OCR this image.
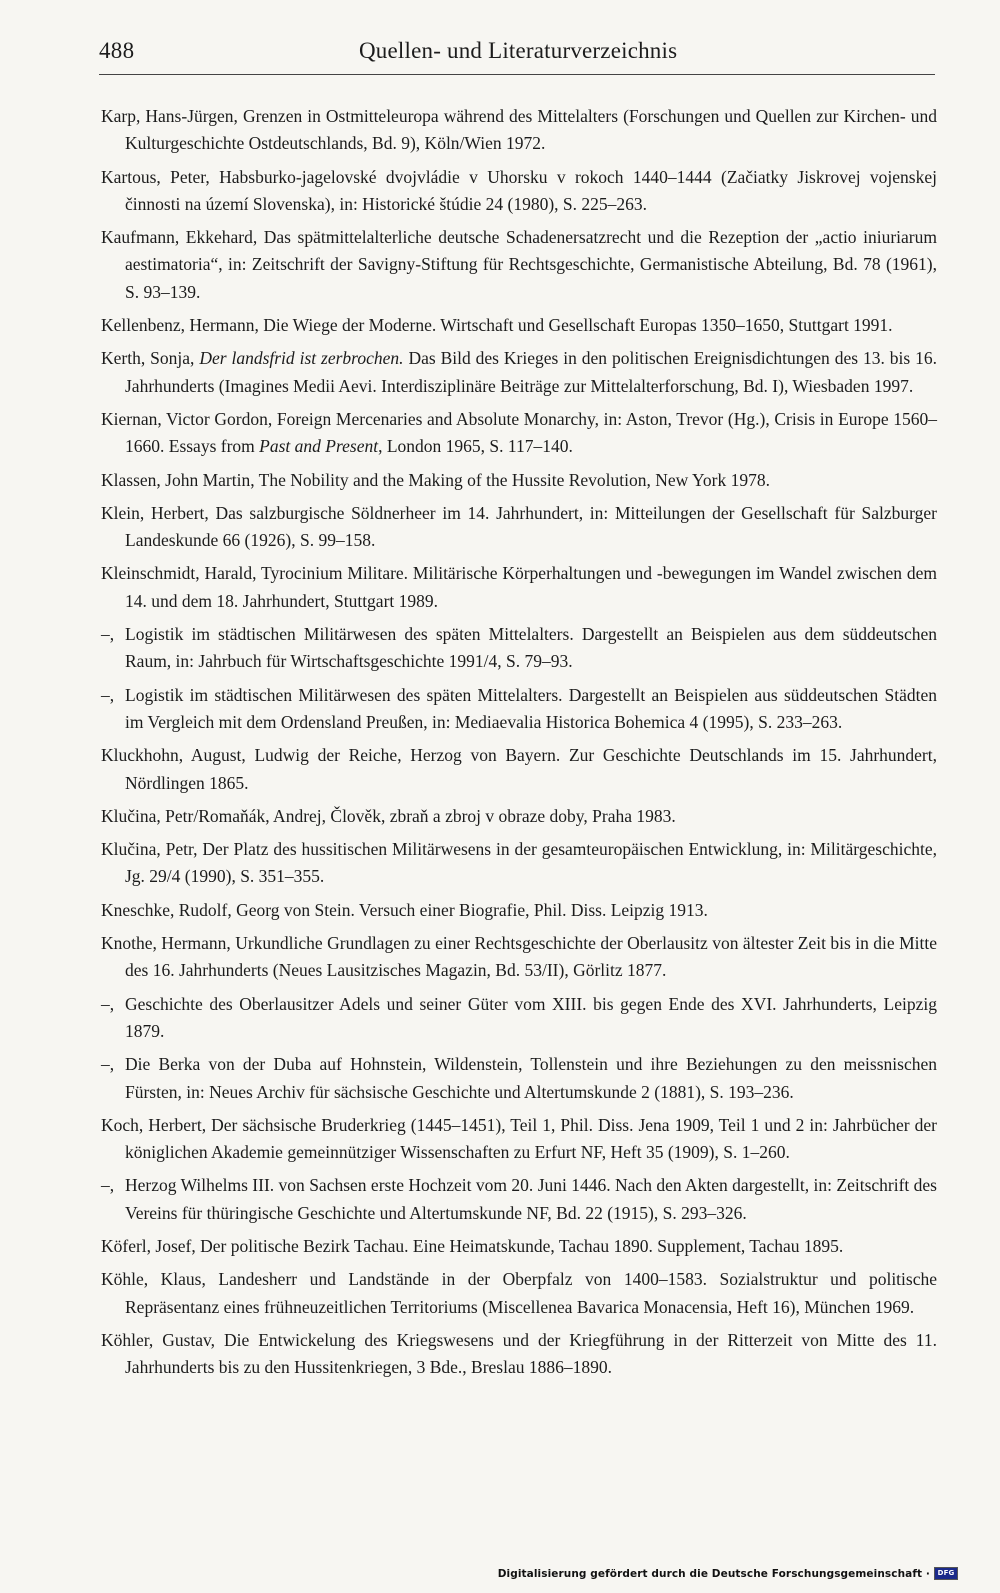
488	Quellen- und Literaturverzeichnis

Karp, Hans-Jürgen, Grenzen in Ostmitteleuropa während des Mittelalters (Forschungen und Quellen zur Kirchen- und Kulturgeschichte Ostdeutschlands, Bd. 9), Köln/Wien 1972.

Kartous, Peter, Habsburko-jagelovské dvojvládie v Uhorsku v rokoch 1440–1444 (Začiatky Jiskrovej vojenskej činnosti na území Slovenska), in: Historické štúdie 24 (1980), S. 225–263.

Kaufmann, Ekkehard, Das spätmittelalterliche deutsche Schadenersatzrecht und die Rezeption der „actio iniuriarum aestimatoria“, in: Zeitschrift der Savigny-Stiftung für Rechtsgeschichte, Germanistische Abteilung, Bd. 78 (1961), S. 93–139.

Kellenbenz, Hermann, Die Wiege der Moderne. Wirtschaft und Gesellschaft Europas 1350–1650, Stuttgart 1991.

Kerth, Sonja, Der landsfrid ist zerbrochen. Das Bild des Krieges in den politischen Ereignisdichtungen des 13. bis 16. Jahrhunderts (Imagines Medii Aevi. Interdisziplinäre Beiträge zur Mittelalterforschung, Bd. I), Wiesbaden 1997.

Kiernan, Victor Gordon, Foreign Mercenaries and Absolute Monarchy, in: Aston, Trevor (Hg.), Crisis in Europe 1560–1660. Essays from Past and Present, London 1965, S. 117–140.

Klassen, John Martin, The Nobility and the Making of the Hussite Revolution, New York 1978.

Klein, Herbert, Das salzburgische Söldnerheer im 14. Jahrhundert, in: Mitteilungen der Gesellschaft für Salzburger Landeskunde 66 (1926), S. 99–158.

Kleinschmidt, Harald, Tyrocinium Militare. Militärische Körperhaltungen und -bewegungen im Wandel zwischen dem 14. und dem 18. Jahrhundert, Stuttgart 1989.

–, Logistik im städtischen Militärwesen des späten Mittelalters. Dargestellt an Beispielen aus dem süddeutschen Raum, in: Jahrbuch für Wirtschaftsgeschichte 1991/4, S. 79–93.

–, Logistik im städtischen Militärwesen des späten Mittelalters. Dargestellt an Beispielen aus süddeutschen Städten im Vergleich mit dem Ordensland Preußen, in: Mediaevalia Historica Bohemica 4 (1995), S. 233–263.

Kluckhohn, August, Ludwig der Reiche, Herzog von Bayern. Zur Geschichte Deutschlands im 15. Jahrhundert, Nördlingen 1865.

Klučina, Petr/Romaňák, Andrej, Člověk, zbraň a zbroj v obraze doby, Praha 1983.

Klučina, Petr, Der Platz des hussitischen Militärwesens in der gesamteuropäischen Entwicklung, in: Militärgeschichte, Jg. 29/4 (1990), S. 351–355.

Kneschke, Rudolf, Georg von Stein. Versuch einer Biografie, Phil. Diss. Leipzig 1913.

Knothe, Hermann, Urkundliche Grundlagen zu einer Rechtsgeschichte der Oberlausitz von ältester Zeit bis in die Mitte des 16. Jahrhunderts (Neues Lausitzisches Magazin, Bd. 53/II), Görlitz 1877.

–, Geschichte des Oberlausitzer Adels und seiner Güter vom XIII. bis gegen Ende des XVI. Jahrhunderts, Leipzig 1879.

–, Die Berka von der Duba auf Hohnstein, Wildenstein, Tollenstein und ihre Beziehungen zu den meissnischen Fürsten, in: Neues Archiv für sächsische Geschichte und Altertumskunde 2 (1881), S. 193–236.

Koch, Herbert, Der sächsische Bruderkrieg (1445–1451), Teil 1, Phil. Diss. Jena 1909, Teil 1 und 2 in: Jahrbücher der königlichen Akademie gemeinnütziger Wissenschaften zu Erfurt NF, Heft 35 (1909), S. 1–260.

–, Herzog Wilhelms III. von Sachsen erste Hochzeit vom 20. Juni 1446. Nach den Akten dargestellt, in: Zeitschrift des Vereins für thüringische Geschichte und Altertumskunde NF, Bd. 22 (1915), S. 293–326.

Köferl, Josef, Der politische Bezirk Tachau. Eine Heimatskunde, Tachau 1890. Supplement, Tachau 1895.

Köhle, Klaus, Landesherr und Landstände in der Oberpfalz von 1400–1583. Sozialstruktur und politische Repräsentanz eines frühneuzeitlichen Territoriums (Miscellenea Bavarica Monacensia, Heft 16), München 1969.

Köhler, Gustav, Die Entwickelung des Kriegswesens und der Kriegführung in der Ritterzeit von Mitte des 11. Jahrhunderts bis zu den Hussitenkriegen, 3 Bde., Breslau 1886–1890.

Digitalisierung gefördert durch die Deutsche Forschungsgemeinschaft ·	DFG
